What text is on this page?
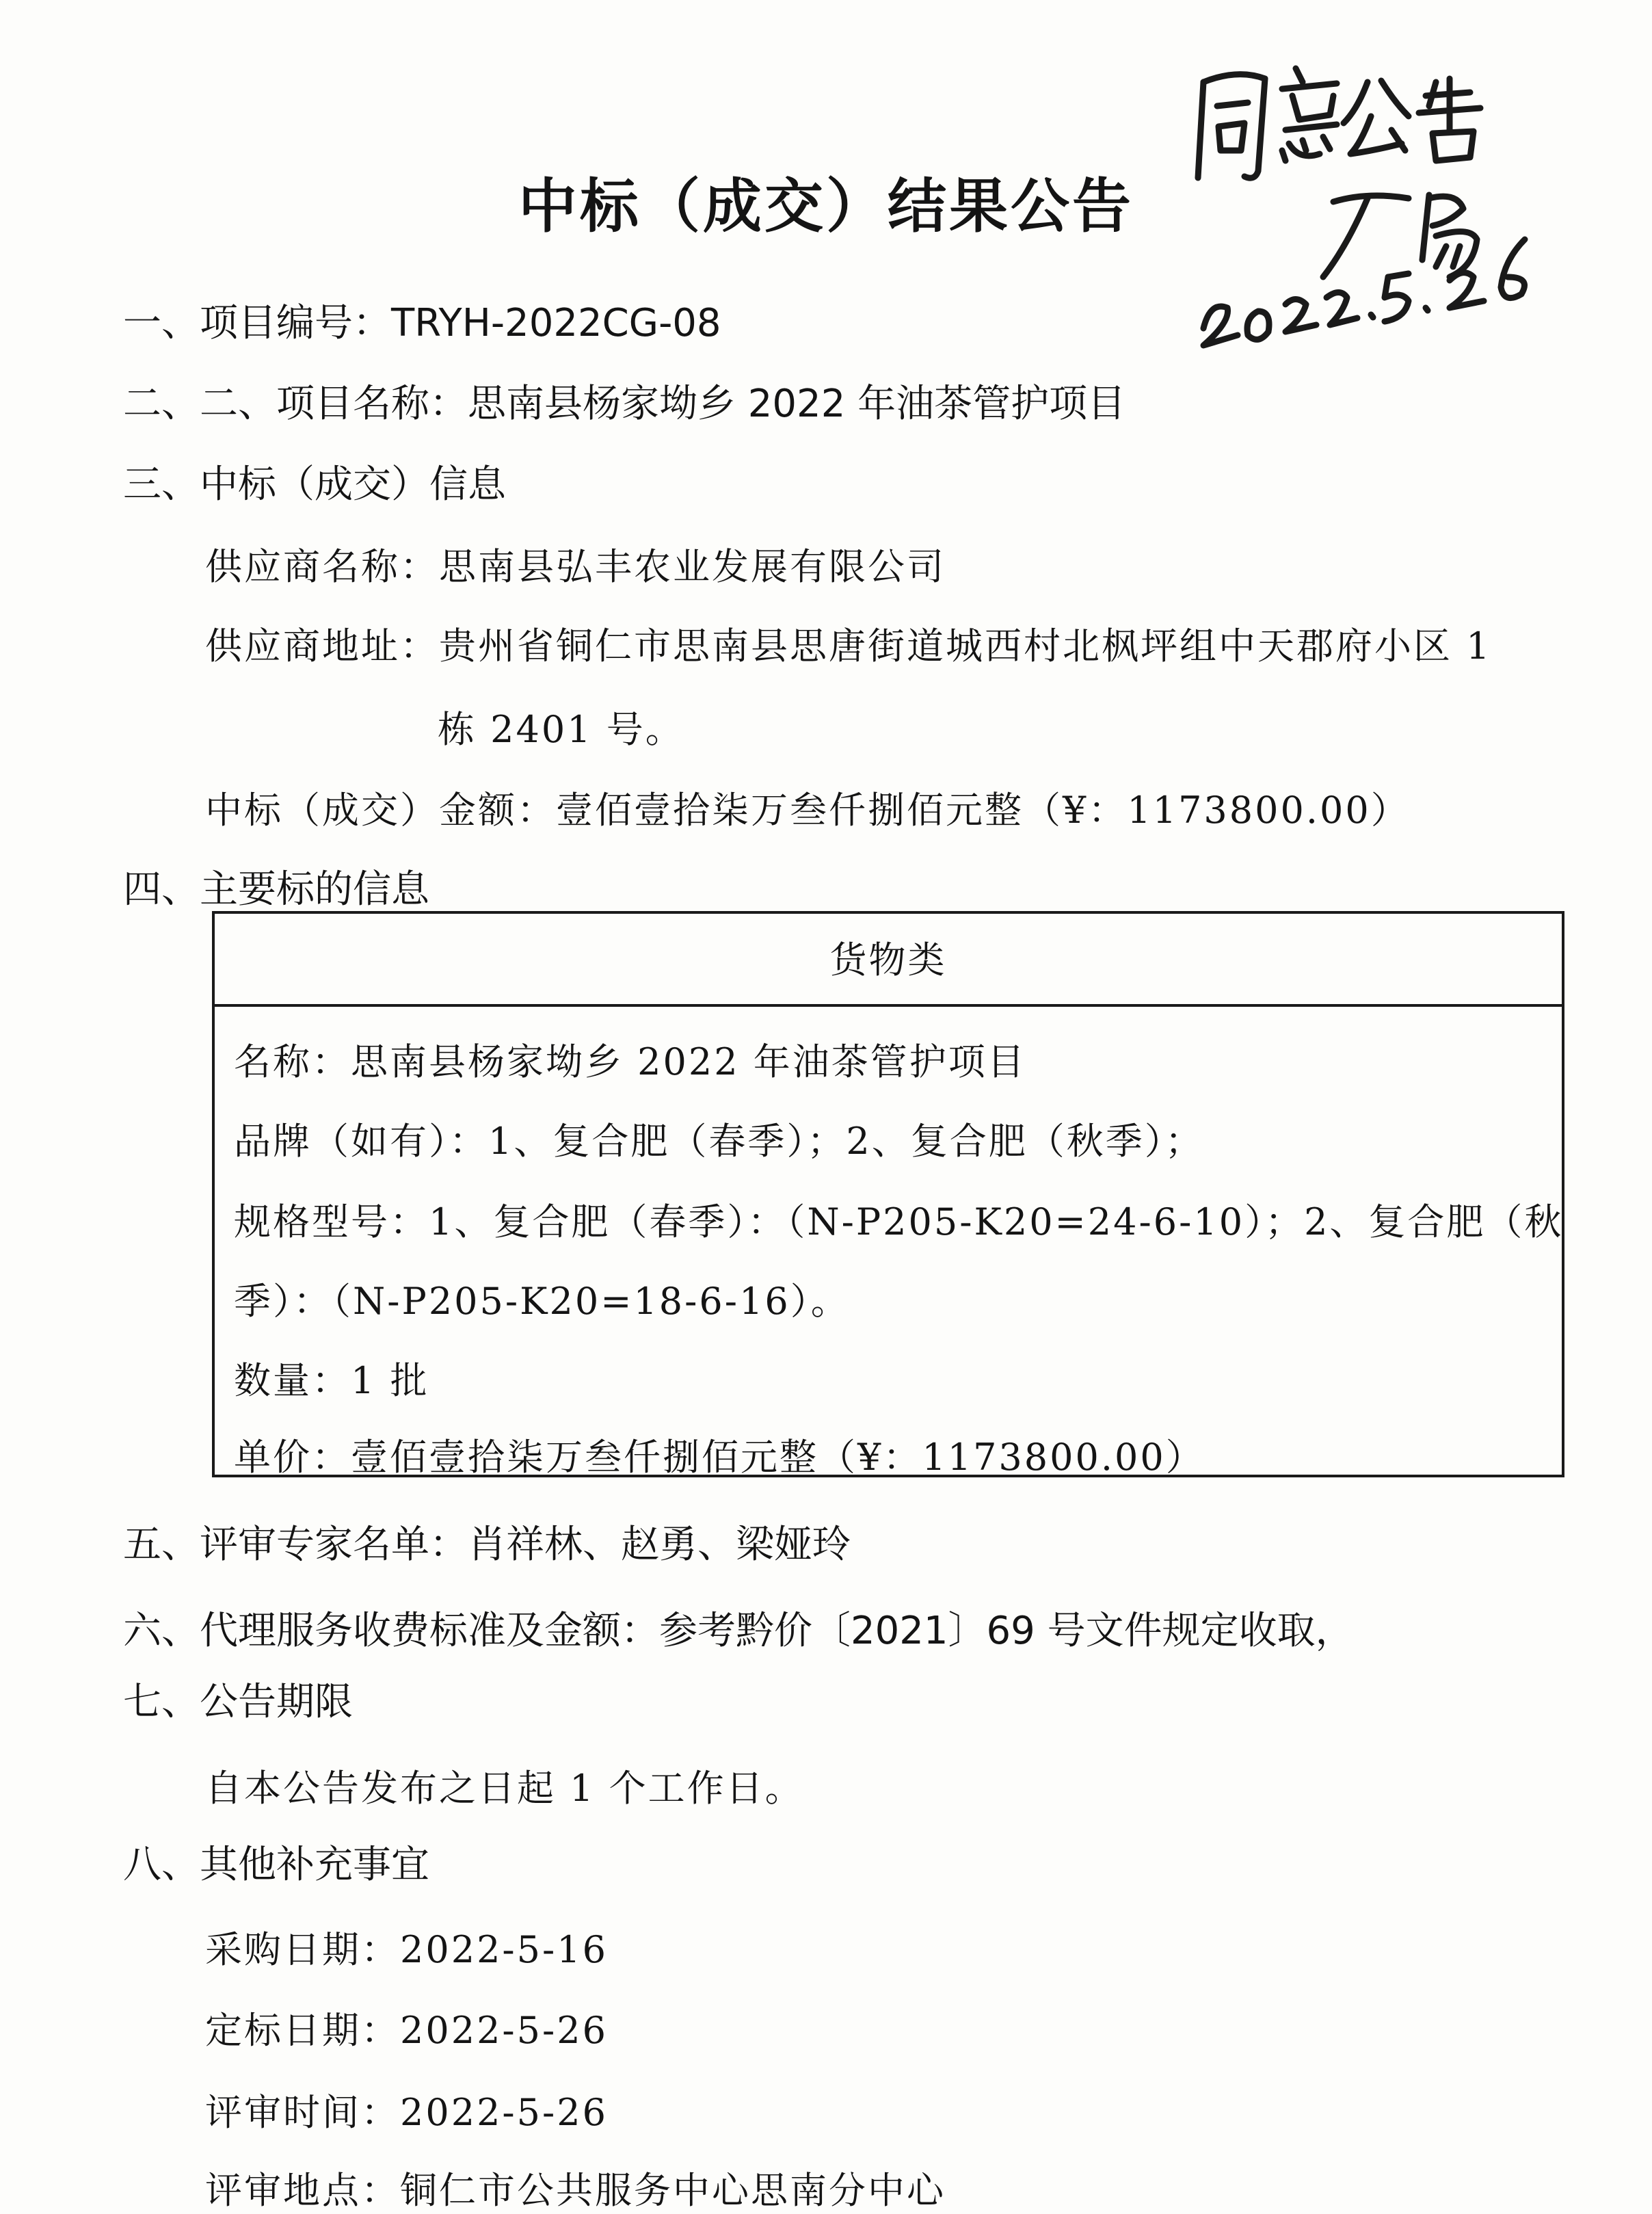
中标（成交）结果公告
一、项目编号：TRYH-2022CG-08
二、二、项目名称：思南县杨家坳乡 2022 年油茶管护项目
三、中标（成交）信息
供应商名称：思南县弘丰农业发展有限公司
供应商地址：贵州省铜仁市思南县思唐街道城西村北枫坪组中天郡府小区 1
栋 2401 号。
中标（成交）金额：壹佰壹拾柒万叁仟捌佰元整（¥：1173800.00）
四、主要标的信息
货物类
名称：思南县杨家坳乡 2022 年油茶管护项目
品牌（如有）：1、复合肥（春季）；2、复合肥（秋季）；
规格型号：1、复合肥（春季）：（N-P205-K20=24-6-10）；2、复合肥（秋
季）：（N-P205-K20=18-6-16）。
数量：1 批
单价：壹佰壹拾柒万叁仟捌佰元整（¥：1173800.00）
五、评审专家名单：肖祥林、赵勇、梁娅玲
六、代理服务收费标准及金额：参考黔价〔2021〕69 号文件规定收取，
七、公告期限
自本公告发布之日起 1 个工作日。
八、其他补充事宜
采购日期：2022-5-16
定标日期：2022-5-26
评审时间：2022-5-26
评审地点：铜仁市公共服务中心思南分中心
